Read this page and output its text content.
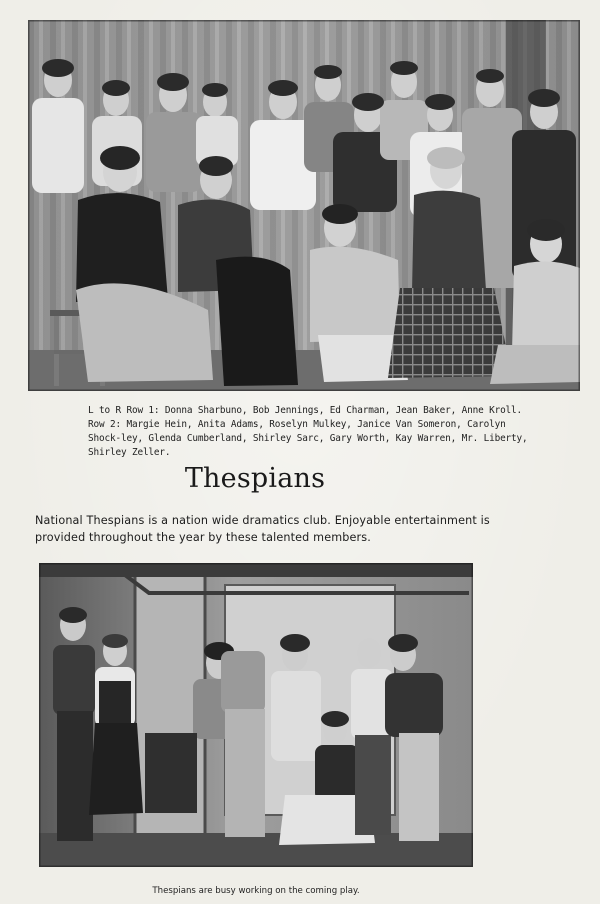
L to R Row 1: Donna Sharbuno, Bob Jennings, Ed Charman, Jean Baker, Anne Kroll.
Row 2: Margie Hein, Anita Adams, Roselyn Mulkey, Janice Van Someron, Carolyn Shock-ley, Glenda Cumberland, Shirley Sarc, Gary Worth, Kay Warren, Mr. Liberty, Shirley Zeller.
Thespians
National Thespians is a nation wide dramatics club. Enjoyable entertainment is provided throughout the year by these talented members.
Thespians are busy working on the coming play.
